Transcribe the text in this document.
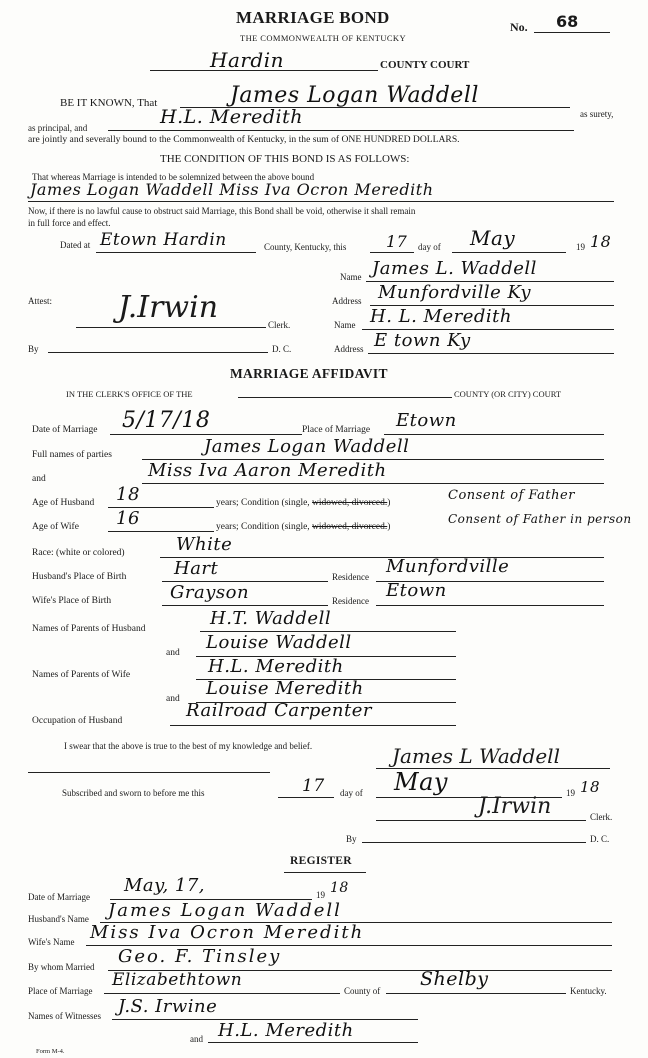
MARRIAGE BOND	No. 68
THE COMMONWEALTH OF KENTUCKY
Hardin	COUNTY COURT
BE IT KNOWN, That	James Logan Waddell
as surety,
as principal, and	H.L. Meredith
are jointly and severally bound to the Commonwealth of Kentucky, in the sum of ONE HUNDRED DOLLARS.
THE CONDITION OF THIS BOND IS AS FOLLOWS:
That whereas Marriage is intended to be solemnized between the above bound
James Logan Waddell Miss Iva Ocron Meredith
Now, if there is no lawful cause to obstruct said Marriage, this Bond shall be void, otherwise it shall remain
in full force and effect.
Dated at Etown Hardin	County, Kentucky, this 17 day of May	19 18
Name James L. Waddell
Address Munfordville Ky
Attest: J.Irwin	Clerk.	Name H. L. Meredith
By	D. C.	Address E town Ky
MARRIAGE AFFIDAVIT
IN THE CLERK'S OFFICE OF THE	COUNTY (OR CITY) COURT
Date of Marriage 5/17/18	Place of Marriage Etown
Full names of parties	James Logan Waddell
and	Miss Iva Aaron Meredith
Age of Husband 18	years; Condition (single, widowed, divorced.)	Consent of Father
Age of Wife 16	years; Condition (single, widowed, divorced.)
Consent of Father in person
Race: (white or colored)	White
Husband's Place of Birth	Hart	Residence Munfordville
Wife's Place of Birth	Grayson	Residence Etown
Names of Parents of Husband	H.T. Waddell
and Louise Waddell
Names of Parents of Wife	H.L. Meredith
and Louise Meredith
Occupation of Husband	Railroad Carpenter
I swear that the above is true to the best of my knowledge and belief.	James L Waddell
Subscribed and sworn to before me this	17 day of May	19 18
J.Irwin	Clerk.
By	D. C.
REGISTER
Date of Marriage
May, 17,	19 18
Husband's Name James Logan Waddell
Wife's Name Miss Iva Ocron Meredith
By whom Married Geo. F. Tinsley
Place of Marriage
Elizabethtown
County of
Shelby
Kentucky.
Names of Witnesses J.S. Irwine
and H.L. Meredith
Form M-4.
